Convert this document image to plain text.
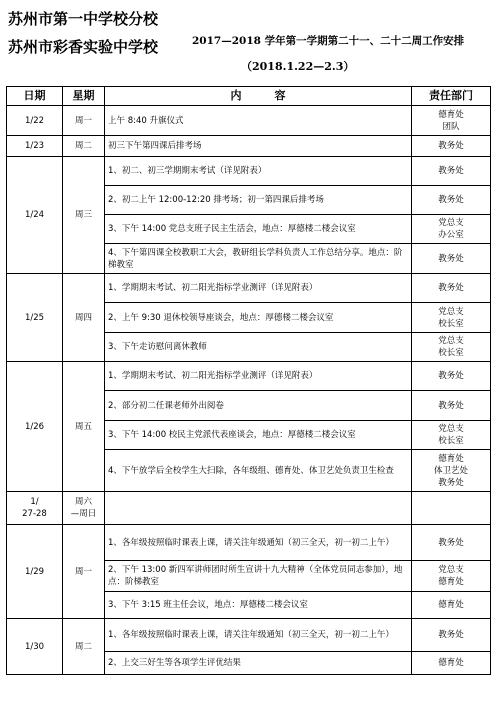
苏州市第一中学校分校
苏州市彩香实验中学校	2017—2018 学年第一学期第二十一、二十二周工作安排
（2018.1.22—2.3）
日期	星期	内　　　容	责任部门
1/22	周一	上午 8:40 升旗仪式	德育处
团队
1/23	周二	初三下午第四课后排考场	教务处
1/24	周三	1、初二、初三学期期末考试（详见附表）	教务处
		2、初二上午 12:00-12:20 排考场；初一第四课后排考场	教务处
		3、下午 14:00 党总支班子民主生活会，地点：厚德楼二楼会议室	党总支
办公室
		4、下午第四课全校教职工大会，教研组长学科负责人工作总结分享。地点：阶梯教室	教务处
1/25	周四	1、学期期末考试、初二阳光指标学业测评（详见附表）	教务处
		2、上午 9:30 退休校领导座谈会，地点：厚德楼二楼会议室	党总支
校长室
		3、下午走访慰问离休教师	党总支
校长室
1/26	周五	1、学期期末考试、初二阳光指标学业测评（详见附表）	教务处
		2、部分初二任课老师外出阅卷	教务处
		3、下午 14:00 校民主党派代表座谈会，地点：厚德楼二楼会议室	党总支
校长室
		4、下午放学后全校学生大扫除，各年级组、德育处、体卫艺处负责卫生检查	德育处
体卫艺处
教务处
1/
27-28	周六
—周日		
1/29	周一	1、各年级按照临时课表上课，请关注年级通知（初三全天，初一初二上午）	教务处
		2、下午 13:00 新四军讲师团时所生宣讲十九大精神（全体党员同志参加），地点：阶梯教室	党总支
德育处
		3、下午 3:15 班主任会议，地点：厚德楼二楼会议室	德育处
1/30	周二	1、各年级按照临时课表上课，请关注年级通知（初三全天，初一初二上午）	教务处
		2、上交三好生等各项学生评优结果	德育处
